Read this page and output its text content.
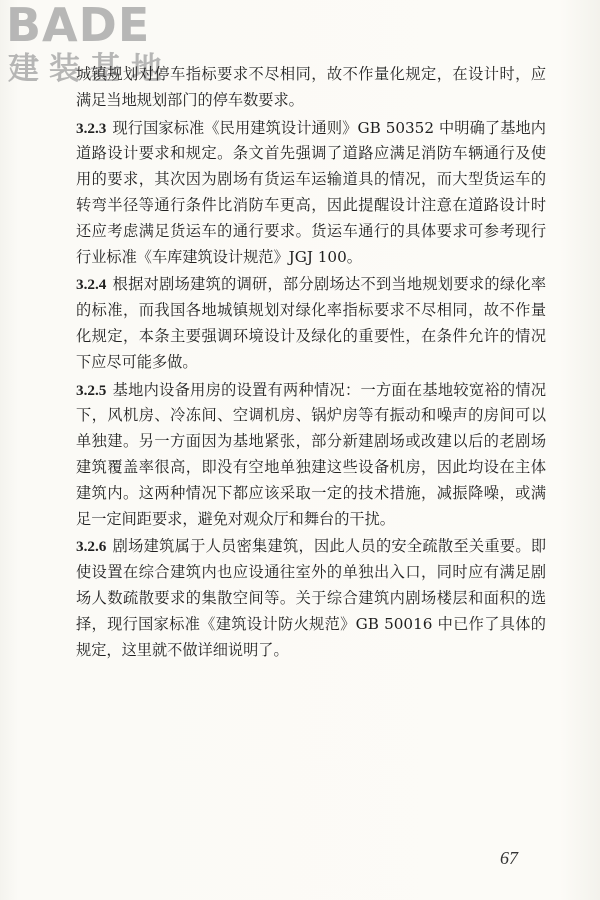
BADE
建装基地

城镇规划对停车指标要求不尽相同，故不作量化规定，在设计时，应满足当地规划部门的停车数要求。

3.2.3 现行国家标准《民用建筑设计通则》GB 50352 中明确了基地内道路设计要求和规定。条文首先强调了道路应满足消防车辆通行及使用的要求，其次因为剧场有货运车运输道具的情况，而大型货运车的转弯半径等通行条件比消防车更高，因此提醒设计注意在道路设计时还应考虑满足货运车的通行要求。货运车通行的具体要求可参考现行行业标准《车库建筑设计规范》JGJ 100。

3.2.4 根据对剧场建筑的调研，部分剧场达不到当地规划要求的绿化率的标准，而我国各地城镇规划对绿化率指标要求不尽相同，故不作量化规定，本条主要强调环境设计及绿化的重要性，在条件允许的情况下应尽可能多做。

3.2.5 基地内设备用房的设置有两种情况：一方面在基地较宽裕的情况下，风机房、冷冻间、空调机房、锅炉房等有振动和噪声的房间可以单独建。另一方面因为基地紧张，部分新建剧场或改建以后的老剧场建筑覆盖率很高，即没有空地单独建这些设备机房，因此均设在主体建筑内。这两种情况下都应该采取一定的技术措施，减振降噪，或满足一定间距要求，避免对观众厅和舞台的干扰。

3.2.6 剧场建筑属于人员密集建筑，因此人员的安全疏散至关重要。即使设置在综合建筑内也应设通往室外的单独出入口，同时应有满足剧场人数疏散要求的集散空间等。关于综合建筑内剧场楼层和面积的选择，现行国家标准《建筑设计防火规范》GB 50016 中已作了具体的规定，这里就不做详细说明了。

67
